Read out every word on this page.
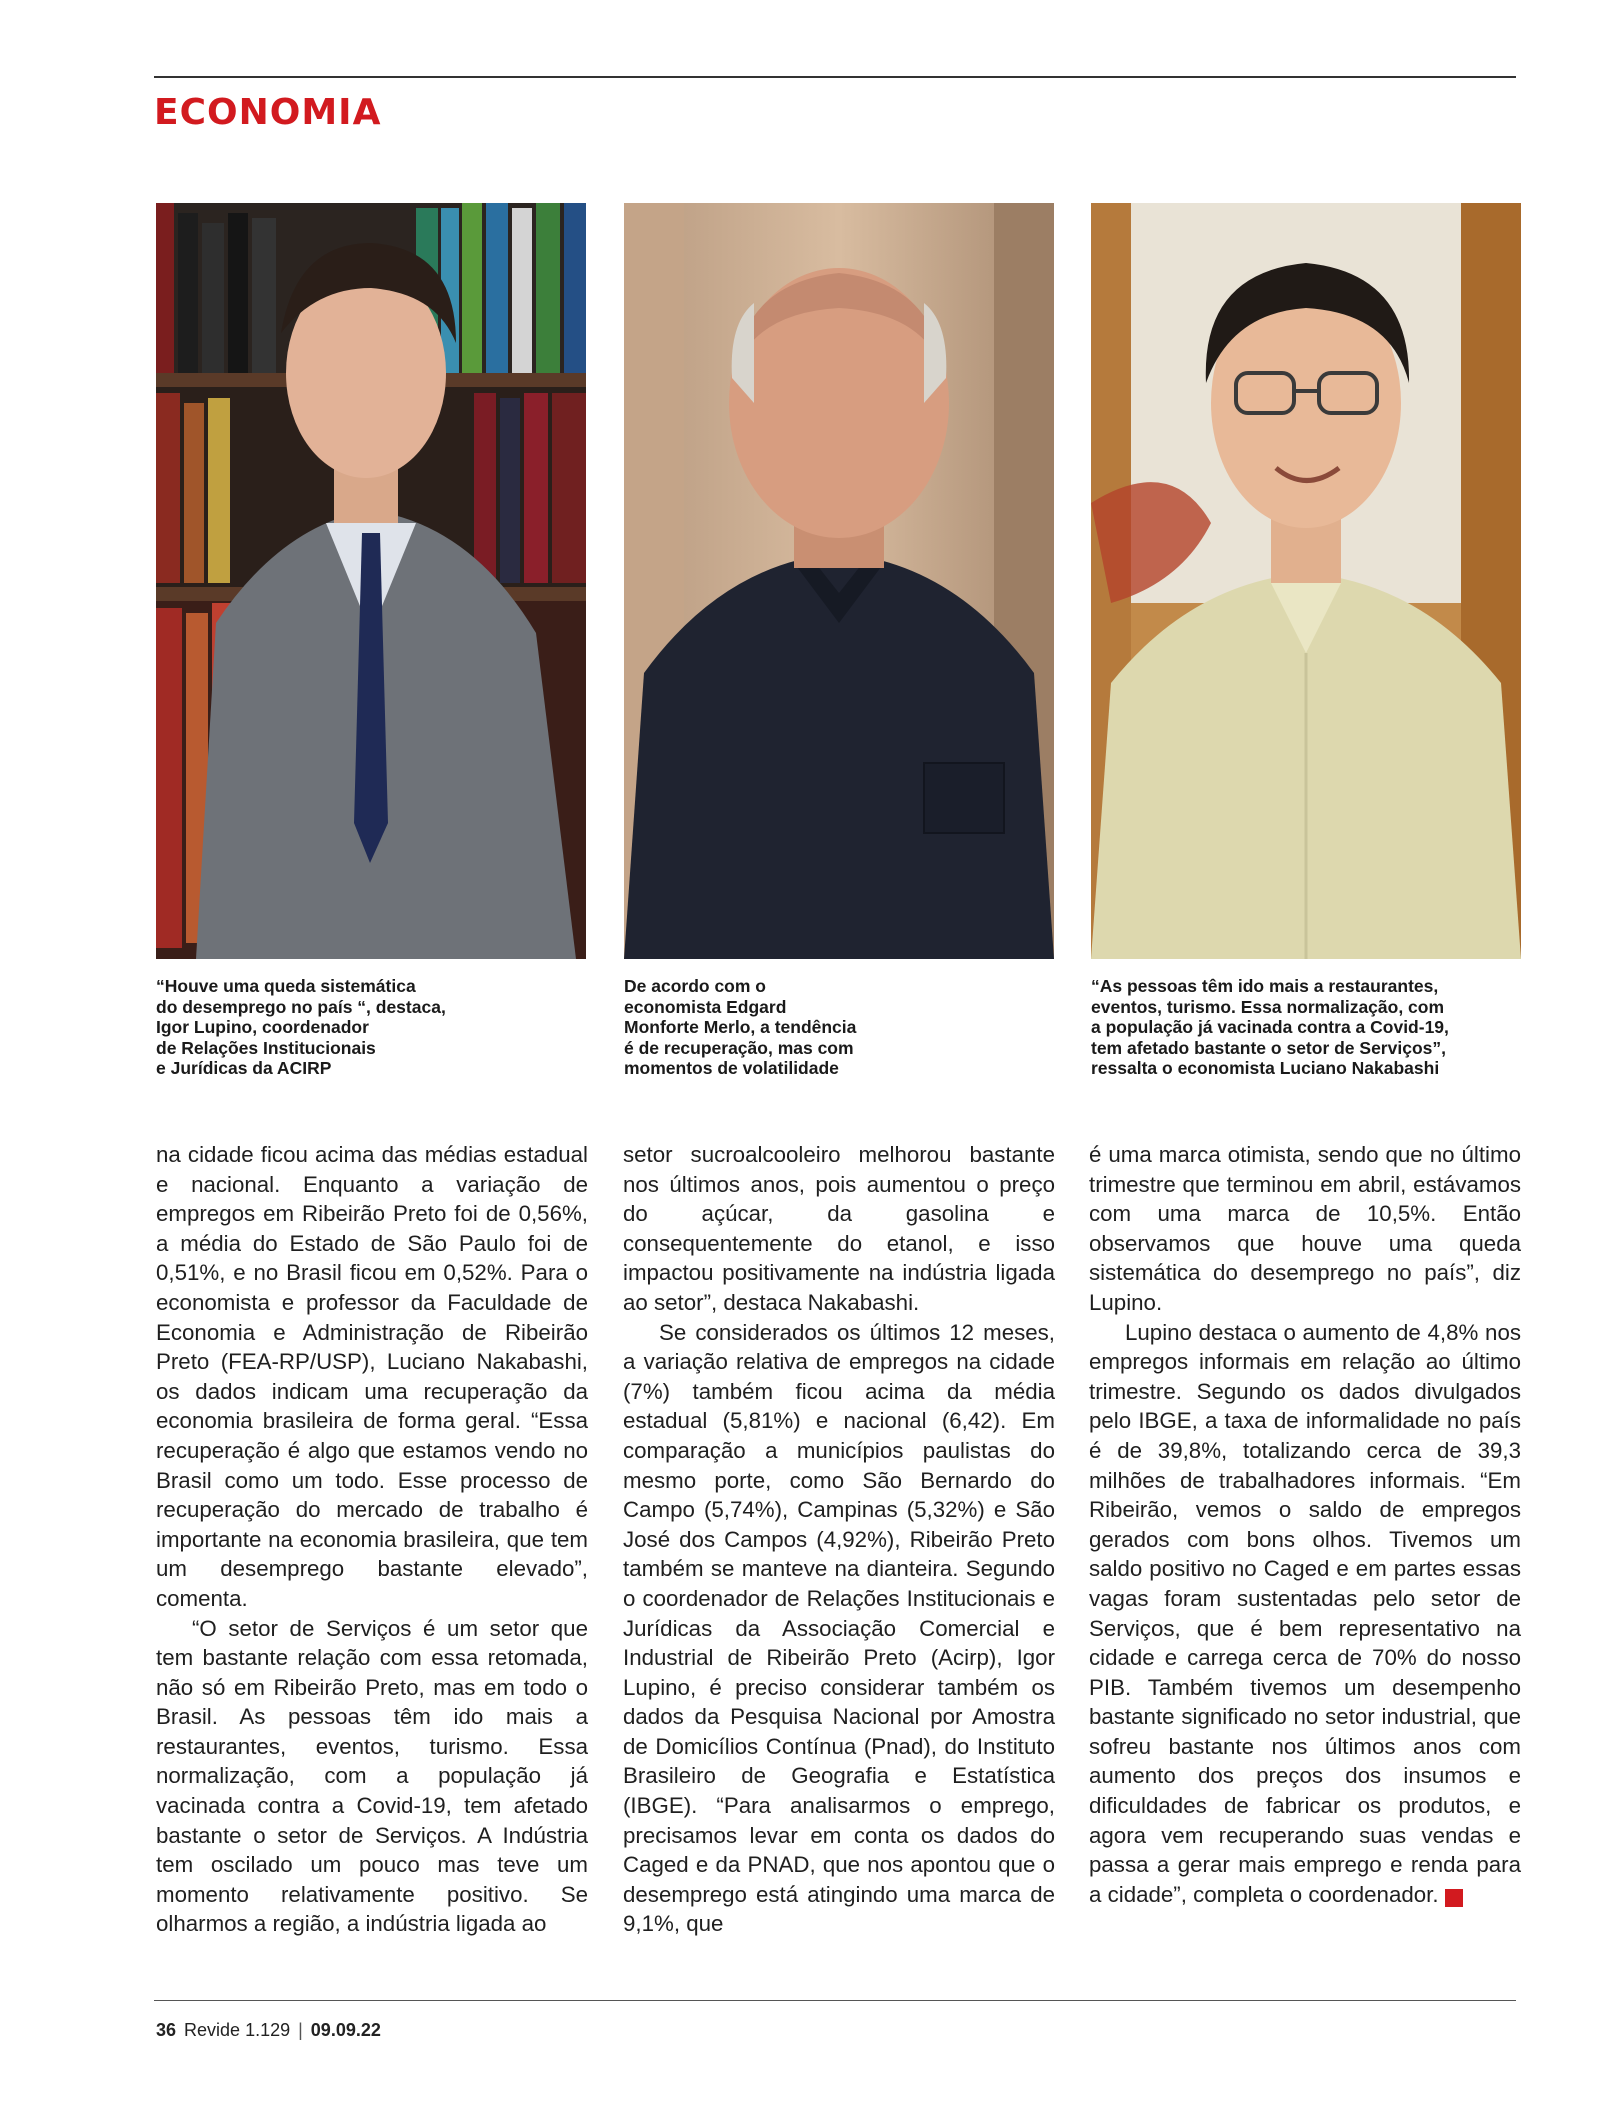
ECONOMIA
“Houve uma queda sistemática
do desemprego no país “, destaca,
Igor Lupino, coordenador
de Relações Institucionais
e Jurídicas da ACIRP
De acordo com o
economista Edgard
Monforte Merlo, a tendência
é de recuperação, mas com
momentos de volatilidade
“As pessoas têm ido mais a restaurantes,
eventos, turismo. Essa normalização, com
a população já vacinada contra a Covid-19,
tem afetado bastante o setor de Serviços”,
ressalta o economista Luciano Nakabashi

na cidade ficou acima das médias estadual e nacional. Enquanto a variação de empregos em Ribeirão Preto foi de 0,56%, a média do Estado de São Paulo foi de 0,51%, e no Brasil ficou em 0,52%. Para o economista e professor da Faculdade de Economia e Administração de Ribeirão Preto (FEA-RP/USP), Luciano Nakabashi, os dados indicam uma recuperação da economia brasileira de forma geral. “Essa recuperação é algo que estamos vendo no Brasil como um todo. Esse processo de recuperação do mercado de trabalho é importante na economia brasileira, que tem um desemprego bastante elevado”, comenta.

“O setor de Serviços é um setor que tem bastante relação com essa retomada, não só em Ribeirão Preto, mas em todo o Brasil. As pessoas têm ido mais a restaurantes, eventos, turismo. Essa normalização, com a população já vacinada contra a Covid-19, tem afetado bastante o setor de Serviços. A Indústria tem oscilado um pouco mas teve um momento relativamente positivo. Se olharmos a região, a indústria ligada ao

setor sucroalcooleiro melhorou bastante nos últimos anos, pois aumentou o preço do açúcar, da gasolina e consequentemente do etanol, e isso impactou positivamente na indústria ligada ao setor”, destaca Nakabashi.

Se considerados os últimos 12 meses, a variação relativa de empregos na cidade (7%) também ficou acima da média estadual (5,81%) e nacional (6,42). Em comparação a municípios paulistas do mesmo porte, como São Bernardo do Campo (5,74%), Campinas (5,32%) e São José dos Campos (4,92%), Ribeirão Preto também se manteve na dianteira. Segundo o coordenador de Relações Institucionais e Jurídicas da Associação Comercial e Industrial de Ribeirão Preto (Acirp), Igor Lupino, é preciso considerar também os dados da Pesquisa Nacional por Amostra de Domicílios Contínua (Pnad), do Instituto Brasileiro de Geografia e Estatística (IBGE). “Para analisarmos o emprego, precisamos levar em conta os dados do Caged e da PNAD, que nos apontou que o desemprego está atingindo uma marca de 9,1%, que

é uma marca otimista, sendo que no último trimestre que terminou em abril, estávamos com uma marca de 10,5%. Então observamos que houve uma queda sistemática do desemprego no país”, diz Lupino.

Lupino destaca o aumento de 4,8% nos empregos informais em relação ao último trimestre. Segundo os dados divulgados pelo IBGE, a taxa de informalidade no país é de 39,8%, totalizando cerca de 39,3 milhões de trabalhadores informais. “Em Ribeirão, vemos o saldo de empregos gerados com bons olhos. Tivemos um saldo positivo no Caged e em partes essas vagas foram sustentadas pelo setor de Serviços, que é bem representativo na cidade e carrega cerca de 70% do nosso PIB. Também tivemos um desempenho bastante significado no setor industrial, que sofreu bastante nos últimos anos com aumento dos preços dos insumos e dificuldades de fabricar os produtos, e agora vem recuperando suas vendas e passa a gerar mais emprego e renda para a cidade”, completa o coordenador.	R

36 Revide 1.129 | 09.09.22
